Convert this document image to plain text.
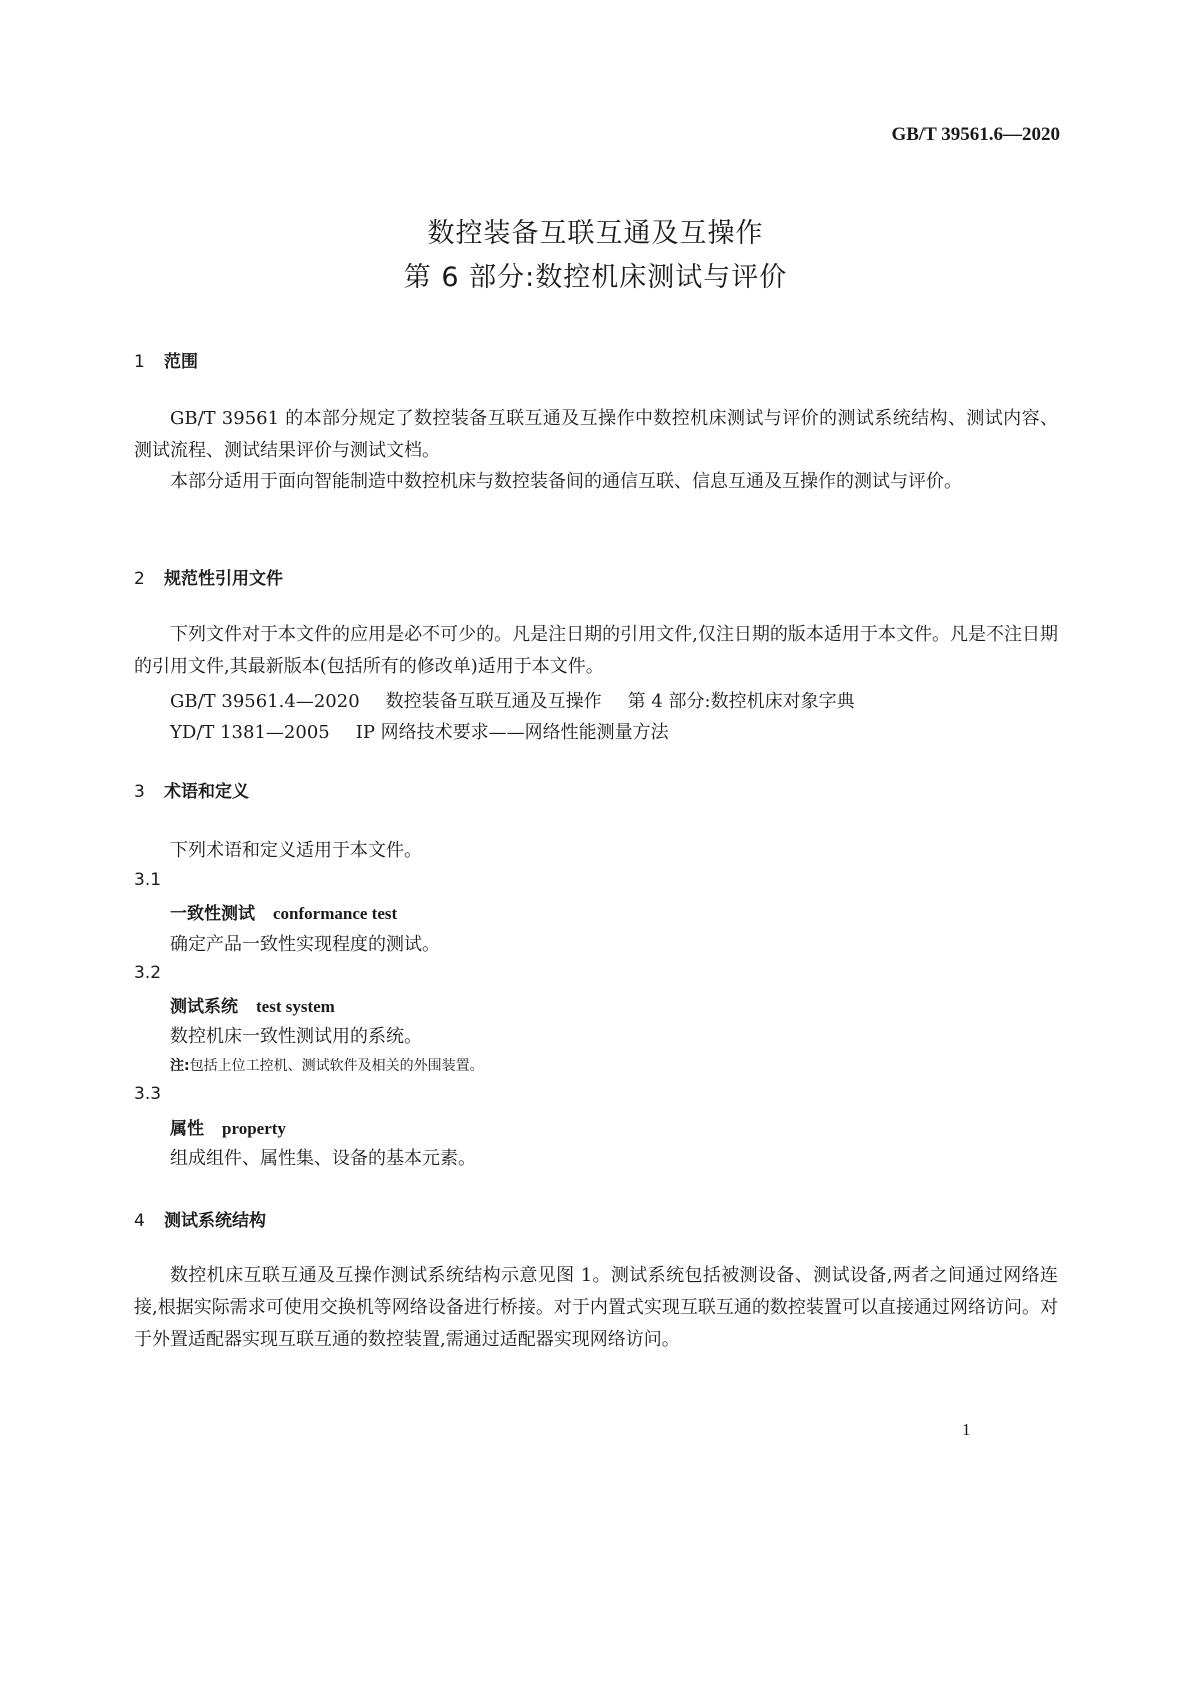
GB/T 39561.6—2020
数控装备互联互通及互操作
第 6 部分:数控机床测试与评价
1 范围
GB/T 39561 的本部分规定了数控装备互联互通及互操作中数控机床测试与评价的测试系统结构、测试内容、测试流程、测试结果评价与测试文档。
本部分适用于面向智能制造中数控机床与数控装备间的通信互联、信息互通及互操作的测试与评价。
2 规范性引用文件
下列文件对于本文件的应用是必不可少的。凡是注日期的引用文件,仅注日期的版本适用于本文件。凡是不注日期的引用文件,其最新版本(包括所有的修改单)适用于本文件。
GB/T 39561.4—2020 数控装备互联互通及互操作 第 4 部分:数控机床对象字典
YD/T 1381—2005 IP 网络技术要求——网络性能测量方法
3 术语和定义
下列术语和定义适用于本文件。
3.1
一致性测试 conformance test
确定产品一致性实现程度的测试。
3.2
测试系统 test system
数控机床一致性测试用的系统。
注:包括上位工控机、测试软件及相关的外围装置。
3.3
属性 property
组成组件、属性集、设备的基本元素。
4 测试系统结构
数控机床互联互通及互操作测试系统结构示意见图 1。测试系统包括被测设备、测试设备,两者之间通过网络连接,根据实际需求可使用交换机等网络设备进行桥接。对于内置式实现互联互通的数控装置可以直接通过网络访问。对于外置适配器实现互联互通的数控装置,需通过适配器实现网络访问。
1
